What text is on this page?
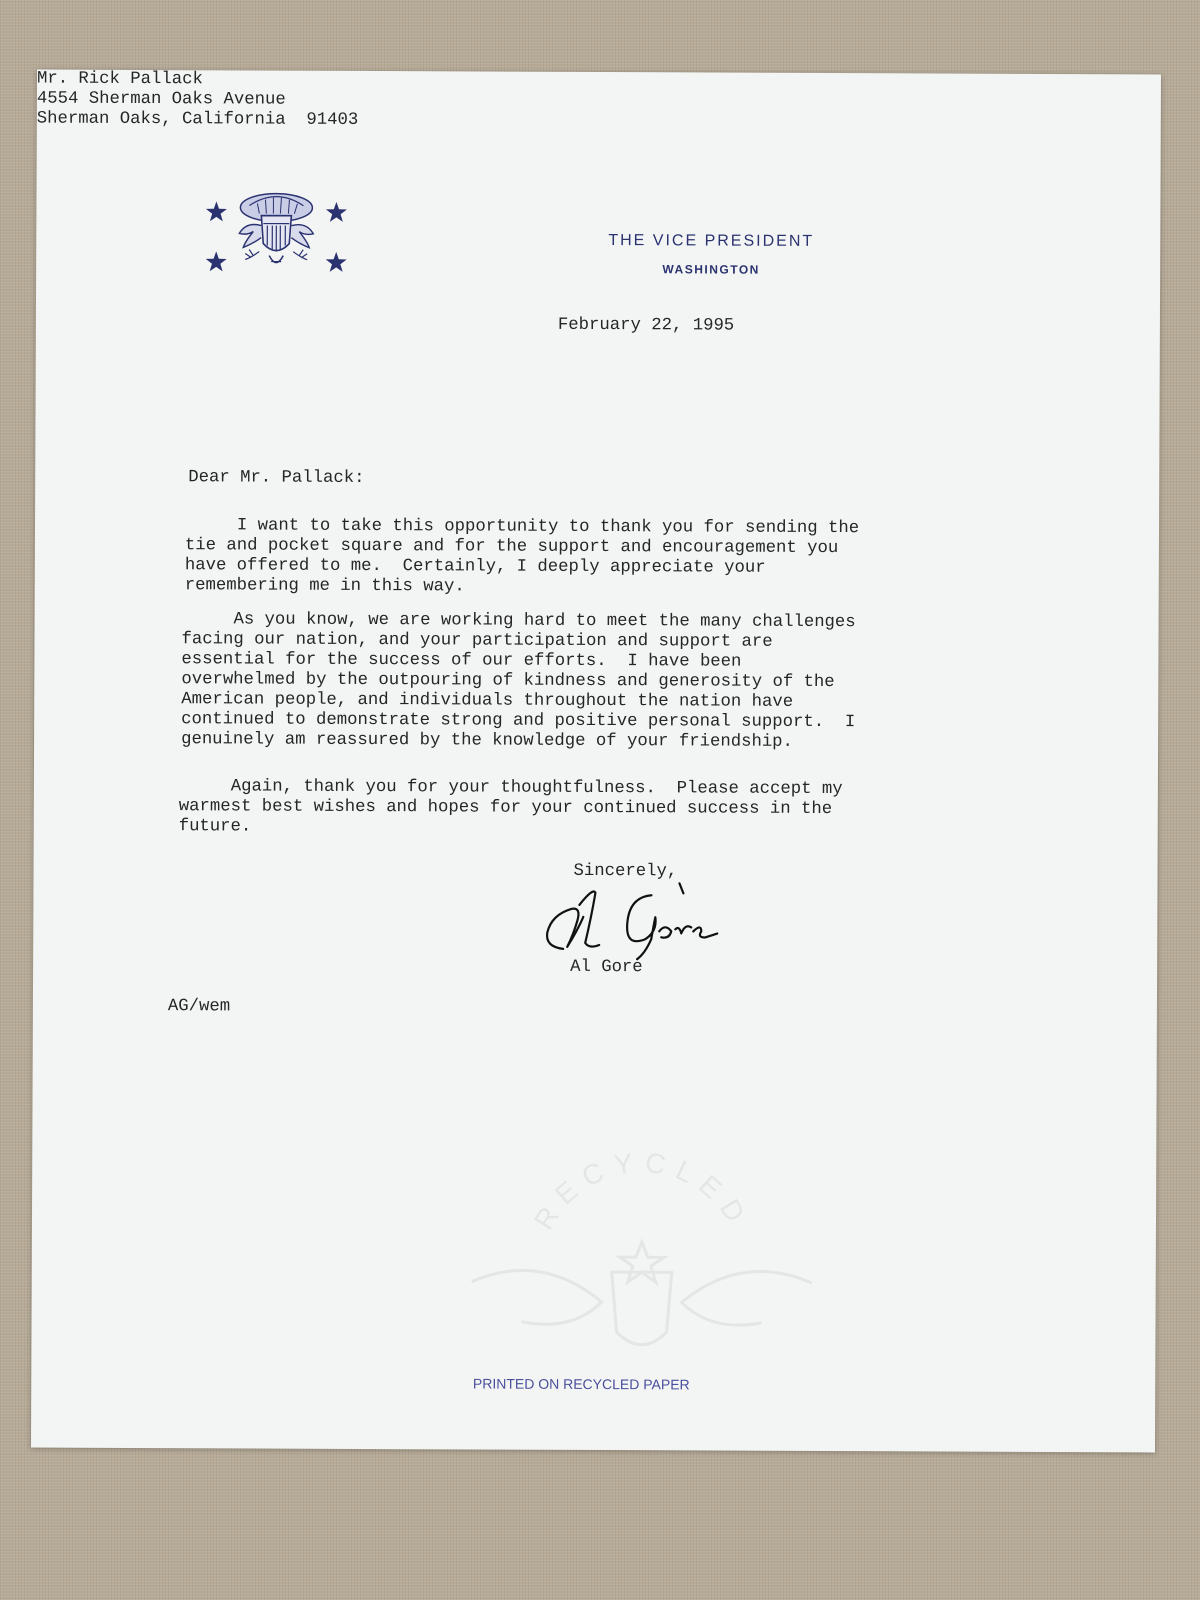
THE VICE PRESIDENT
WASHINGTON
February 22, 1995
Mr. Rick Pallack
4554 Sherman Oaks Avenue
Sherman Oaks, California  91403
Dear Mr. Pallack:
I want to take this opportunity to thank you for sending the
tie and pocket square and for the support and encouragement you
have offered to me.  Certainly, I deeply appreciate your
remembering me in this way.
As you know, we are working hard to meet the many challenges
facing our nation, and your participation and support are
essential for the success of our efforts.  I have been
overwhelmed by the outpouring of kindness and generosity of the
American people, and individuals throughout the nation have
continued to demonstrate strong and positive personal support.  I
genuinely am reassured by the knowledge of your friendship.
Again, thank you for your thoughtfulness.  Please accept my
warmest best wishes and hopes for your continued success in the
future.
Sincerely,
Al Gore
AG/wem
RECYCLED
PRINTED ON RECYCLED PAPER
